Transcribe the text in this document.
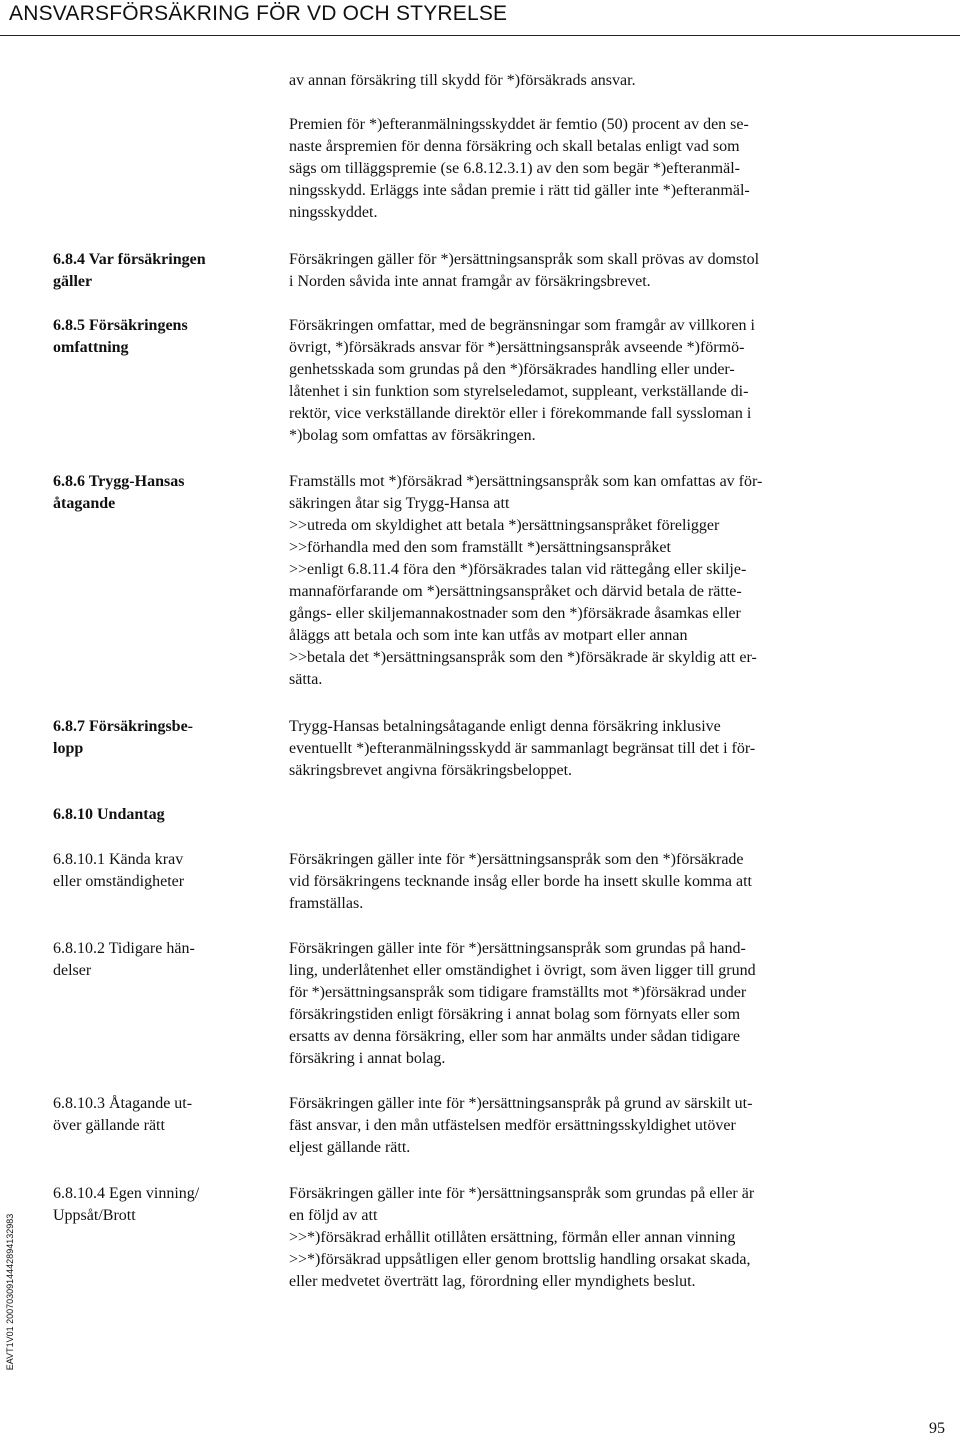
ANSVARSFÖRSÄKRING FÖR VD OCH STYRELSE
av annan försäkring till skydd för *)försäkrads ansvar.
Premien för *)efteranmälningsskyddet är femtio (50) procent av den se-
naste årspremien för denna försäkring och skall betalas enligt vad som
sägs om tilläggspremie (se 6.8.12.3.1) av den som begär *)efteranmäl-
ningsskydd. Erläggs inte sådan premie i rätt tid gäller inte *)efteranmäl-
ningsskyddet.
6.8.4 Var försäkringen
gäller
Försäkringen gäller för *)ersättningsanspråk som skall prövas av domstol
i Norden såvida inte annat framgår av försäkringsbrevet.
6.8.5 Försäkringens
omfattning
Försäkringen omfattar, med de begränsningar som framgår av villkoren i
övrigt, *)försäkrads ansvar för *)ersättningsanspråk avseende *)förmö-
genhetsskada som grundas på den *)försäkrades handling eller under-
låtenhet i sin funktion som styrelseledamot, suppleant, verkställande di-
rektör, vice verkställande direktör eller i förekommande fall syssloman i
*)bolag som omfattas av försäkringen.
6.8.6 Trygg-Hansas
åtagande
Framställs mot *)försäkrad *)ersättningsanspråk som kan omfattas av för-
säkringen åtar sig Trygg-Hansa att
>>utreda om skyldighet att betala *)ersättningsanspråket föreligger
>>förhandla med den som framställt *)ersättningsanspråket
>>enligt 6.8.11.4 föra den *)försäkrades talan vid rättegång eller skilje-
mannaförfarande om *)ersättningsanspråket och därvid betala de rätte-
gångs- eller skiljemannakostnader som den *)försäkrade åsamkas eller
åläggs att betala och som inte kan utfås av motpart eller annan
>>betala det *)ersättningsanspråk som den *)försäkrade är skyldig att er-
sätta.
6.8.7 Försäkringsbe-
lopp
Trygg-Hansas betalningsåtagande enligt denna försäkring inklusive
eventuellt *)efteranmälningsskydd är sammanlagt begränsat till det i för-
säkringsbrevet angivna försäkringsbeloppet.
6.8.10 Undantag
6.8.10.1 Kända krav
eller omständigheter
Försäkringen gäller inte för *)ersättningsanspråk som den *)försäkrade
vid försäkringens tecknande insåg eller borde ha insett skulle komma att
framställas.
6.8.10.2 Tidigare hän-
delser
Försäkringen gäller inte för *)ersättningsanspråk som grundas på hand-
ling, underlåtenhet eller omständighet i övrigt, som även ligger till grund
för *)ersättningsanspråk som tidigare framställts mot *)försäkrad under
försäkringstiden enligt försäkring i annat bolag som förnyats eller som
ersatts av denna försäkring, eller som har anmälts under sådan tidigare
försäkring i annat bolag.
6.8.10.3 Åtagande ut-
över gällande rätt
Försäkringen gäller inte för *)ersättningsanspråk på grund av särskilt ut-
fäst ansvar, i den mån utfästelsen medför ersättningsskyldighet utöver
eljest gällande rätt.
6.8.10.4 Egen vinning/
Uppsåt/Brott
Försäkringen gäller inte för *)ersättningsanspråk som grundas på eller är
en följd av att
>>*)försäkrad erhållit otillåten ersättning, förmån eller annan vinning
>>*)försäkrad uppsåtligen eller genom brottslig handling orsakat skada,
eller medvetet överträtt lag, förordning eller myndighets beslut.
EAVT1V01 2007030914442894132983
95
